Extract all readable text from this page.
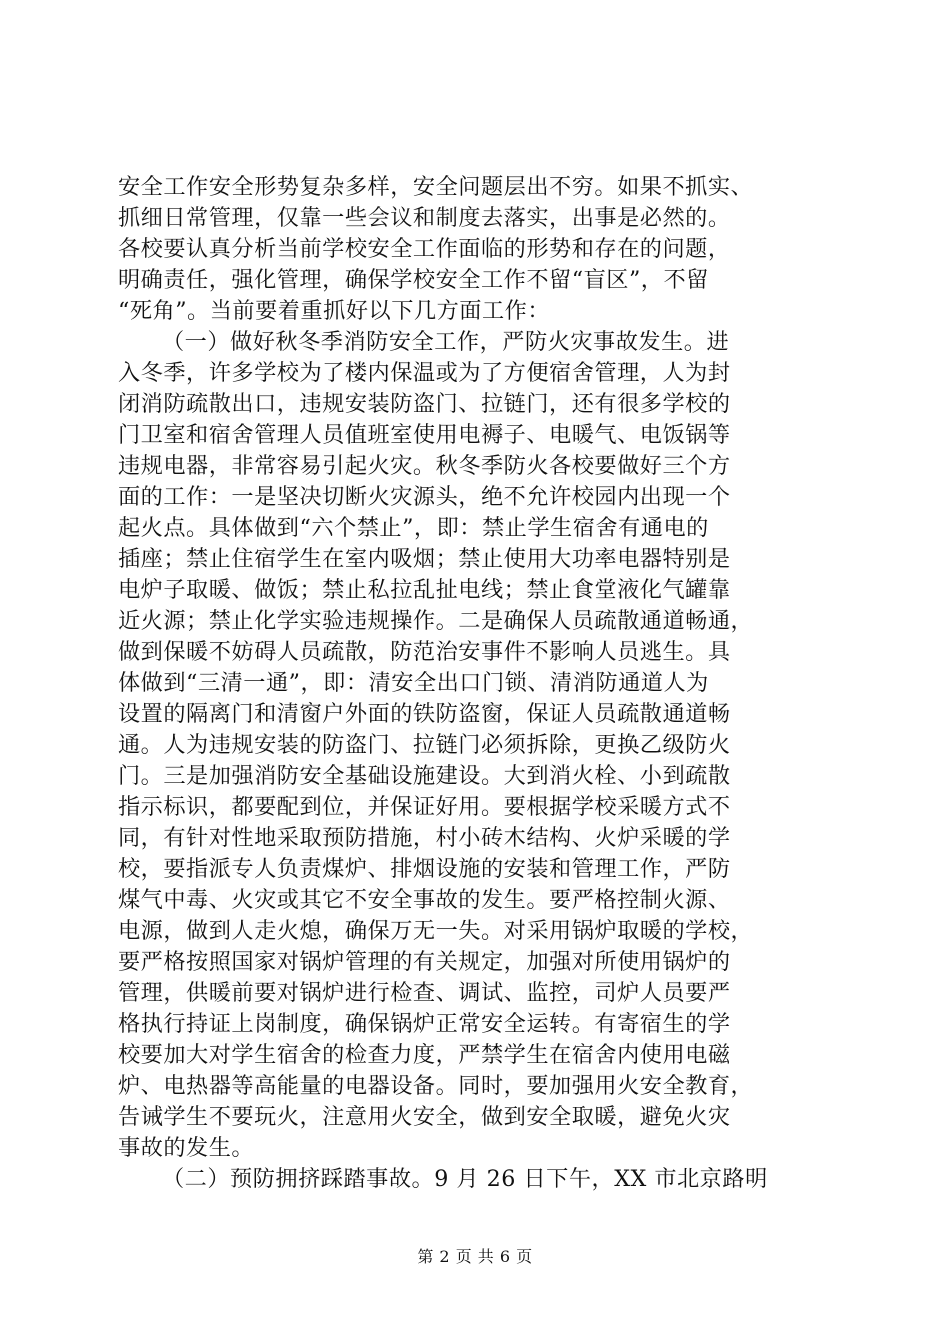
安全工作安全形势复杂多样，安全问题层出不穷。如果不抓实、
抓细日常管理，仅靠一些会议和制度去落实，出事是必然的。
各校要认真分析当前学校安全工作面临的形势和存在的问题，
明确责任，强化管理，确保学校安全工作不留“盲区”，不留
“死角”。当前要着重抓好以下几方面工作：
（一）做好秋冬季消防安全工作，严防火灾事故发生。进
入冬季，许多学校为了楼内保温或为了方便宿舍管理，人为封
闭消防疏散出口，违规安装防盗门、拉链门，还有很多学校的
门卫室和宿舍管理人员值班室使用电褥子、电暖气、电饭锅等
违规电器，非常容易引起火灾。秋冬季防火各校要做好三个方
面的工作：一是坚决切断火灾源头，绝不允许校园内出现一个
起火点。具体做到“六个禁止”，即：禁止学生宿舍有通电的
插座；禁止住宿学生在室内吸烟；禁止使用大功率电器特别是
电炉子取暖、做饭；禁止私拉乱扯电线；禁止食堂液化气罐靠
近火源；禁止化学实验违规操作。二是确保人员疏散通道畅通，
做到保暖不妨碍人员疏散，防范治安事件不影响人员逃生。具
体做到“三清一通”，即：清安全出口门锁、清消防通道人为
设置的隔离门和清窗户外面的铁防盗窗，保证人员疏散通道畅
通。人为违规安装的防盗门、拉链门必须拆除，更换乙级防火
门。三是加强消防安全基础设施建设。大到消火栓、小到疏散
指示标识，都要配到位，并保证好用。要根据学校采暖方式不
同，有针对性地采取预防措施，村小砖木结构、火炉采暖的学
校，要指派专人负责煤炉、排烟设施的安装和管理工作，严防
煤气中毒、火灾或其它不安全事故的发生。要严格控制火源、
电源，做到人走火熄，确保万无一失。对采用锅炉取暖的学校，
要严格按照国家对锅炉管理的有关规定，加强对所使用锅炉的
管理，供暖前要对锅炉进行检查、调试、监控，司炉人员要严
格执行持证上岗制度，确保锅炉正常安全运转。有寄宿生的学
校要加大对学生宿舍的检查力度，严禁学生在宿舍内使用电磁
炉、电热器等高能量的电器设备。同时，要加强用火安全教育，
告诫学生不要玩火，注意用火安全，做到安全取暖，避免火灾
事故的发生。
（二）预防拥挤踩踏事故。9 月 26 日下午，XX 市北京路明
第 2 页 共 6 页
